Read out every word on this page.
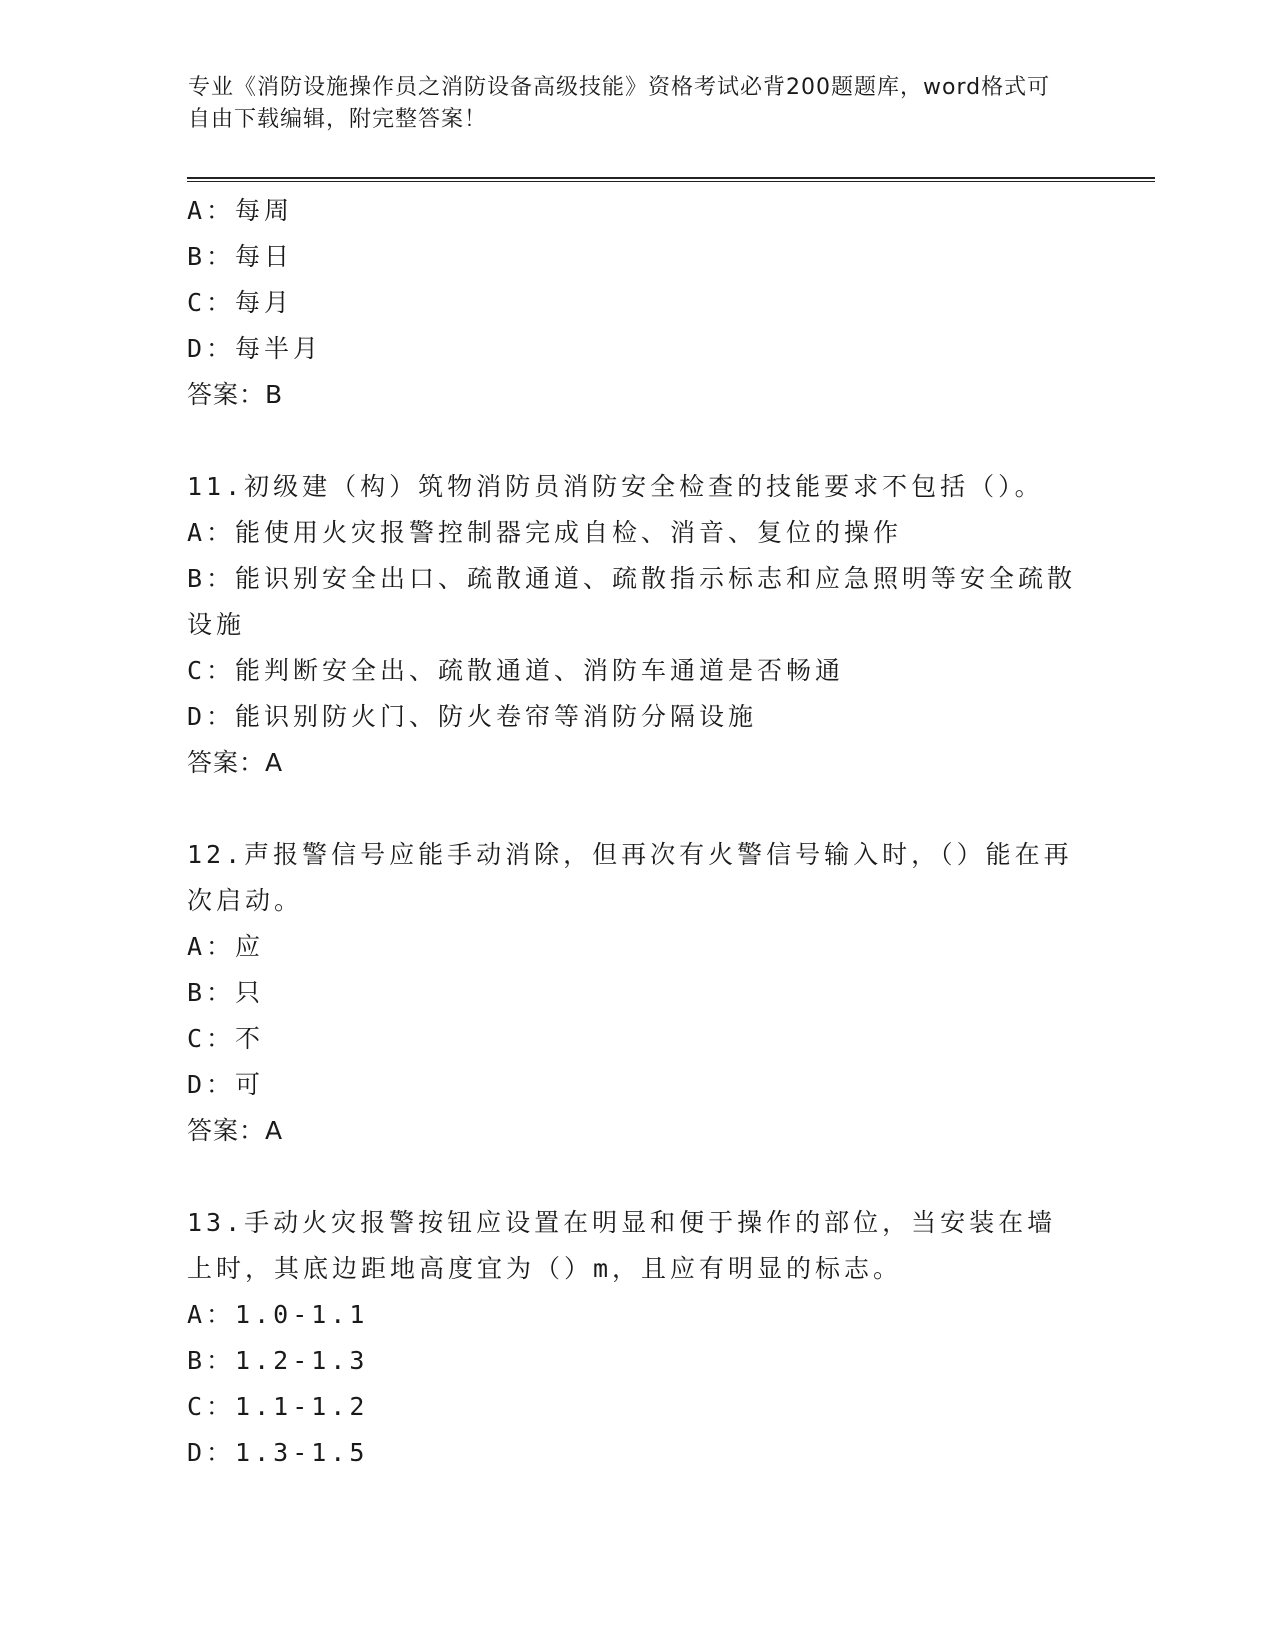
专业《消防设施操作员之消防设备高级技能》资格考试必背200题题库，word格式可自由下载编辑，附完整答案！

A：每周

B：每日

C：每月

D：每半月

答案：B

11.初级建（构）筑物消防员消防安全检查的技能要求不包括（）。

A：能使用火灾报警控制器完成自检、消音、复位的操作

B：能识别安全出口、疏散通道、疏散指示标志和应急照明等安全疏散设施

C：能判断安全出、疏散通道、消防车通道是否畅通

D：能识别防火门、防火卷帘等消防分隔设施

答案：A

12.声报警信号应能手动消除，但再次有火警信号输入时，（）能在再次启动。

A：应

B：只

C：不

D：可

答案：A

13.手动火灾报警按钮应设置在明显和便于操作的部位，当安装在墙上时，其底边距地高度宜为（）m，且应有明显的标志。

A：1.0-1.1

B：1.2-1.3

C：1.1-1.2

D：1.3-1.5
